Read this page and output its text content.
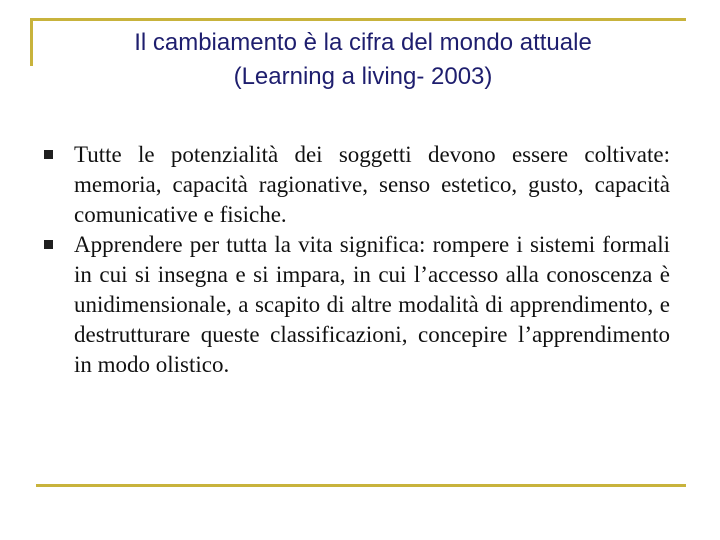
Il cambiamento è la cifra del mondo attuale
(Learning a living- 2003)
Tutte le potenzialità dei soggetti devono essere coltivate: memoria, capacità ragionative, senso estetico, gusto, capacità comunicative e fisiche.
Apprendere per tutta la vita significa: rompere i sistemi formali in cui si insegna e si impara, in cui l’accesso alla conoscenza è unidimensionale, a scapito di altre modalità di apprendimento, e destrutturare queste classificazioni, concepire l’apprendimento in modo olistico.
